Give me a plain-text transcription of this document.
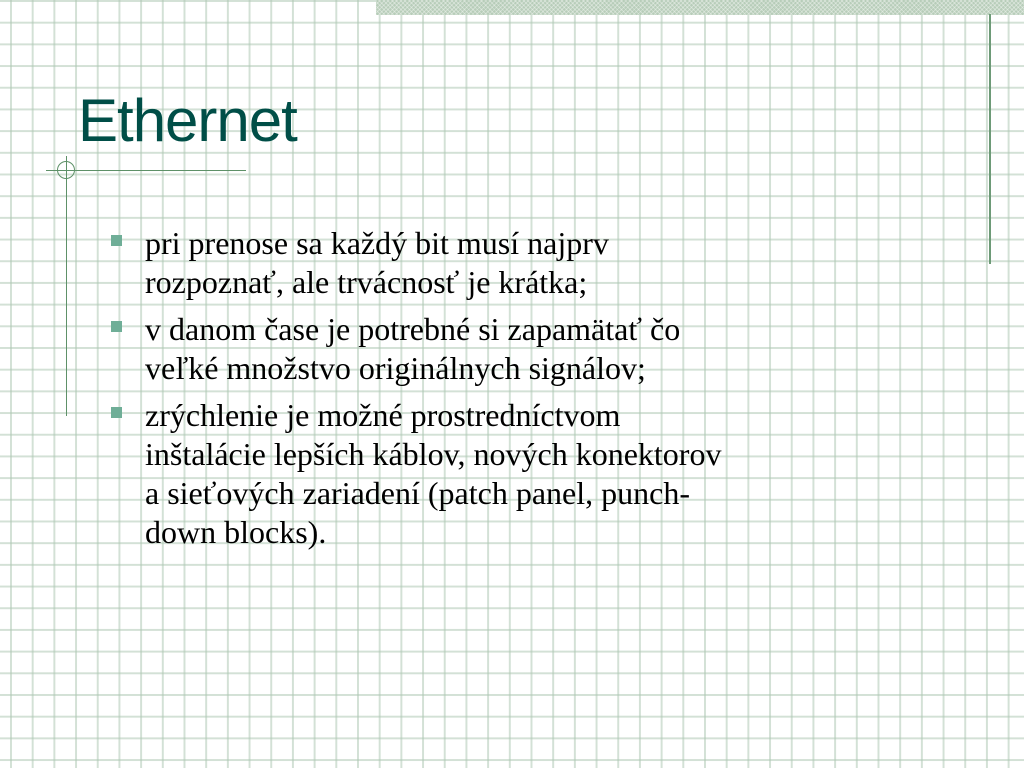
Ethernet
pri prenose sa každý bit musí najprv
rozpoznať, ale trvácnosť je krátka;
v danom čase je potrebné si zapamätať čo
veľké množstvo originálnych signálov;
zrýchlenie je možné prostredníctvom
inštalácie lepších káblov, nových konektorov
a sieťových zariadení (patch panel, punch-
down blocks).
